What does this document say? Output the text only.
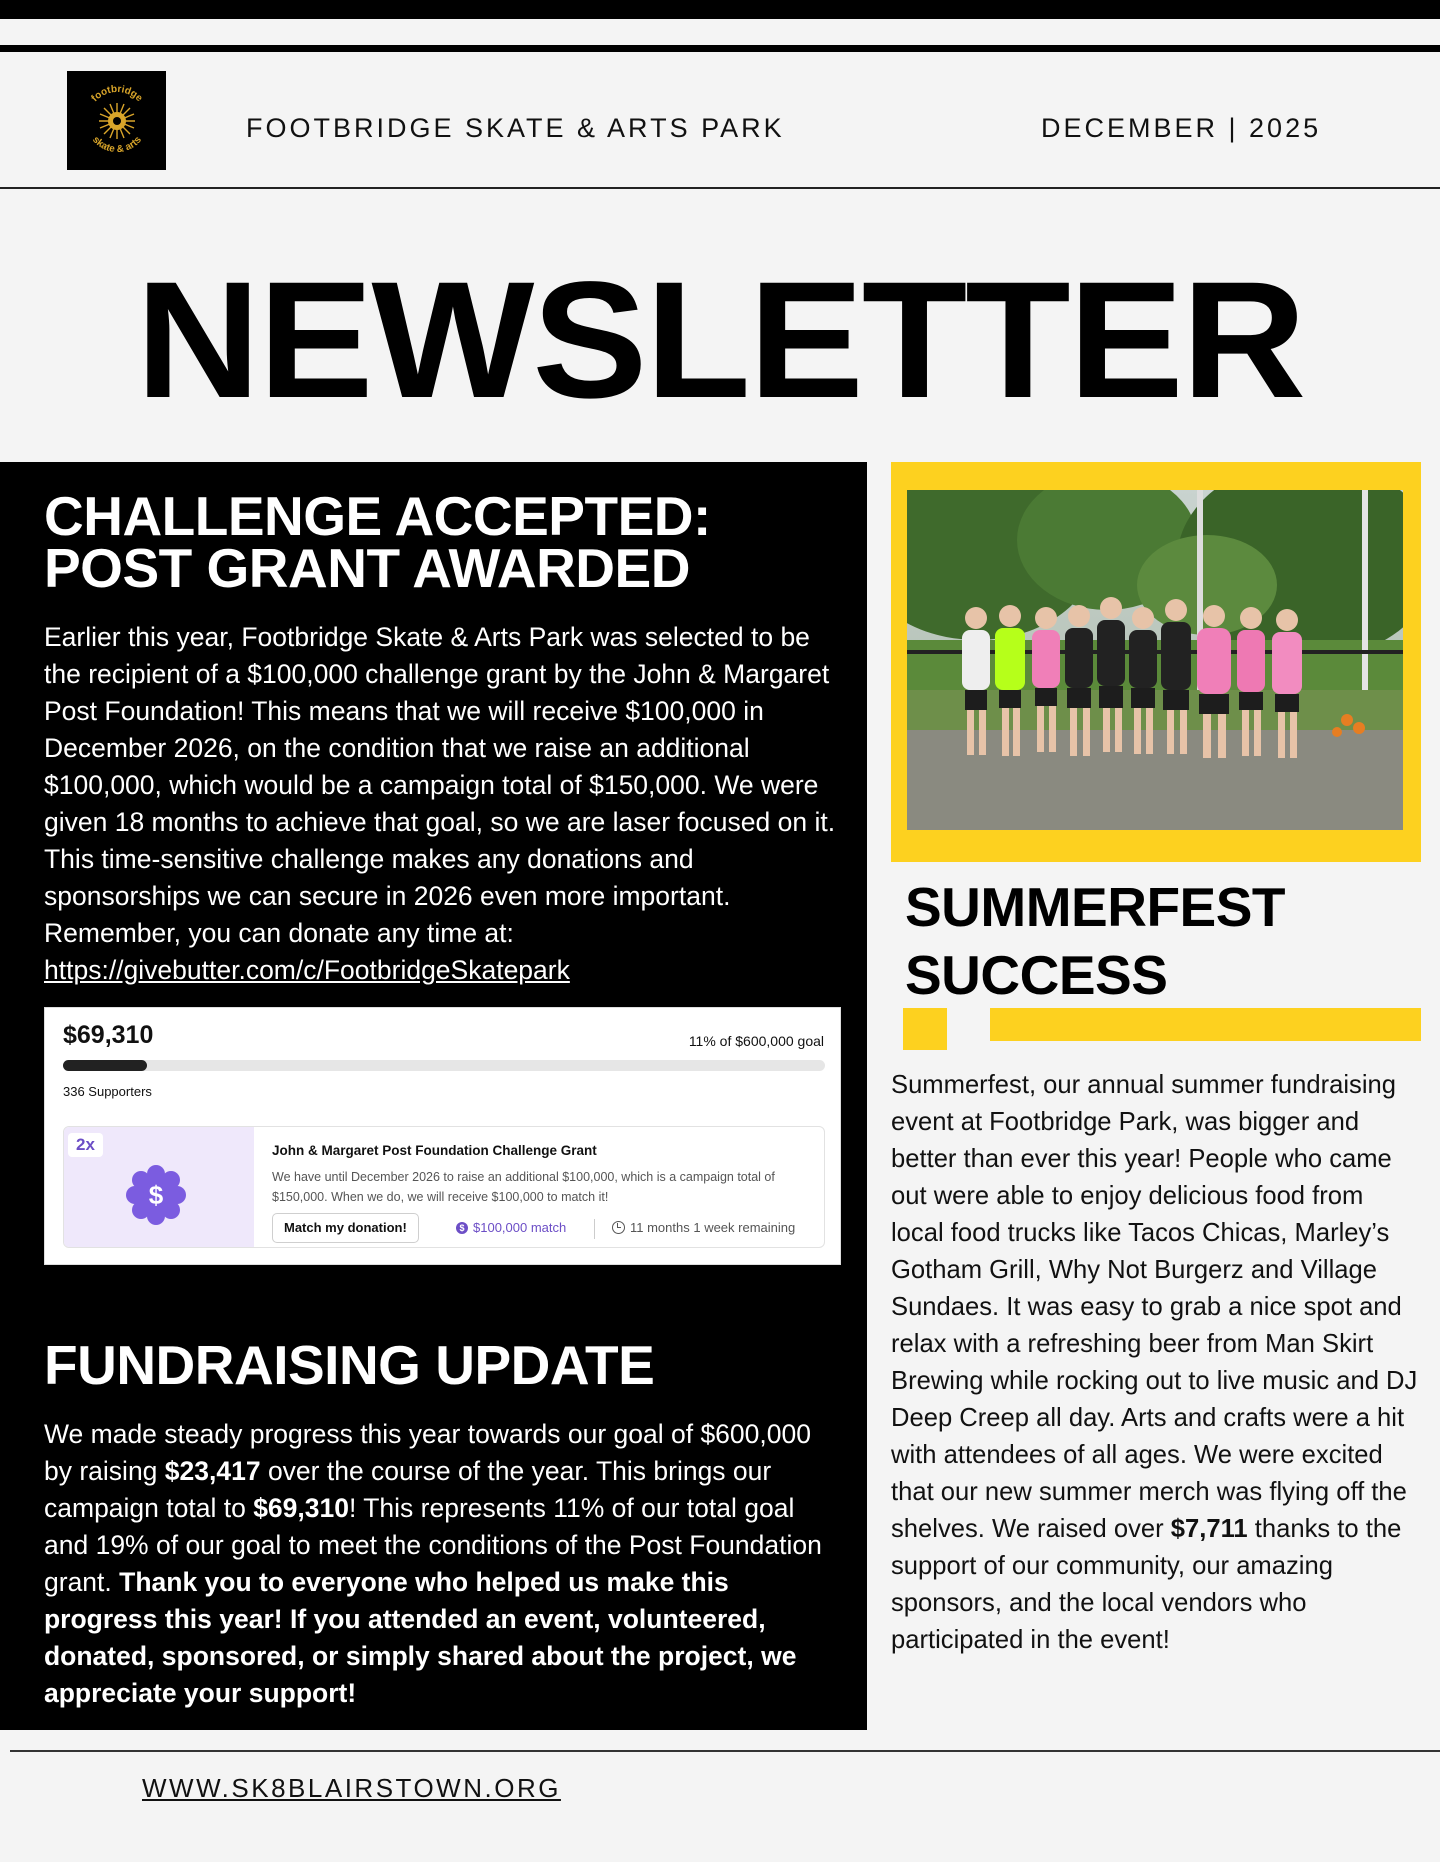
footbridge
skate & arts	FOOTBRIDGE SKATE & ARTS PARK	DECEMBER | 2025
NEWSLETTER
CHALLENGE ACCEPTED: POST GRANT AWARDED

Earlier this year, Footbridge Skate & Arts Park was selected to be the recipient of a $100,000 challenge grant by the John & Margaret Post Foundation! This means that we will receive $100,000 in December 2026, on the condition that we raise an additional $100,000, which would be a campaign total of $150,000. We were given 18 months to achieve that goal, so we are laser focused on it. This time-sensitive challenge makes any donations and sponsorships we can secure in 2026 even more important. Remember, you can donate any time at: https://givebutter.com/c/FootbridgeSkatepark

$69,310	11% of $600,000 goal
336 Supporters
2x
$
John & Margaret Post Foundation Challenge Grant
We have until December 2026 to raise an additional $100,000, which is a campaign total of $150,000. When we do, we will receive $100,000 to match it!
Match my donation!	$ $100,000 match	11 months 1 week remaining
FUNDRAISING UPDATE

We made steady progress this year towards our goal of $600,000 by raising $23,417 over the course of the year. This brings our campaign total to $69,310! This represents 11% of our total goal and 19% of our goal to meet the conditions of the Post Foundation grant. Thank you to everyone who helped us make this progress this year! If you attended an event, volunteered, donated, sponsored, or simply shared about the project, we appreciate your support!

SUMMERFEST SUCCESS

Summerfest, our annual summer fundraising event at Footbridge Park, was bigger and better than ever this year! People who came out were able to enjoy delicious food from local food trucks like Tacos Chicas, Marley’s Gotham Grill, Why Not Burgerz and Village Sundaes. It was easy to grab a nice spot and relax with a refreshing beer from Man Skirt Brewing while rocking out to live music and DJ Deep Creep all day. Arts and crafts were a hit with attendees of all ages. We were excited that our new summer merch was flying off the shelves. We raised over $7,711 thanks to the support of our community, our amazing sponsors, and the local vendors who participated in the event!

WWW.SK8BLAIRSTOWN.ORG
